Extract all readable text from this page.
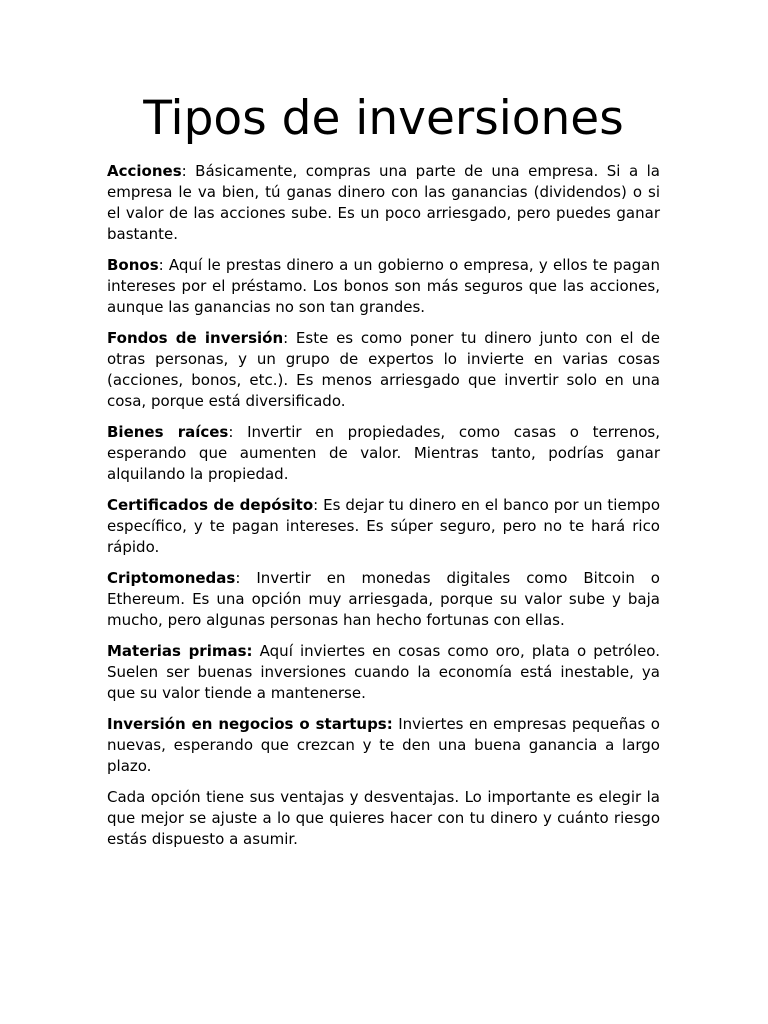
Tipos de inversiones

Acciones: Básicamente, compras una parte de una empresa. Si a la empresa le va bien, tú ganas dinero con las ganancias (dividendos) o si el valor de las acciones sube. Es un poco arriesgado, pero puedes ganar bastante.

Bonos: Aquí le prestas dinero a un gobierno o empresa, y ellos te pagan intereses por el préstamo. Los bonos son más seguros que las acciones, aunque las ganancias no son tan grandes.

Fondos de inversión: Este es como poner tu dinero junto con el de otras personas, y un grupo de expertos lo invierte en varias cosas (acciones, bonos, etc.). Es menos arriesgado que invertir solo en una cosa, porque está diversificado.

Bienes raíces: Invertir en propiedades, como casas o terrenos, esperando que aumenten de valor. Mientras tanto, podrías ganar alquilando la propiedad.

Certificados de depósito: Es dejar tu dinero en el banco por un tiempo específico, y te pagan intereses. Es súper seguro, pero no te hará rico rápido.

Criptomonedas: Invertir en monedas digitales como Bitcoin o Ethereum. Es una opción muy arriesgada, porque su valor sube y baja mucho, pero algunas personas han hecho fortunas con ellas.

Materias primas: Aquí inviertes en cosas como oro, plata o petróleo. Suelen ser buenas inversiones cuando la economía está inestable, ya que su valor tiende a mantenerse.

Inversión en negocios o startups: Inviertes en empresas pequeñas o nuevas, esperando que crezcan y te den una buena ganancia a largo plazo.

Cada opción tiene sus ventajas y desventajas. Lo importante es elegir la que mejor se ajuste a lo que quieres hacer con tu dinero y cuánto riesgo estás dispuesto a asumir.
